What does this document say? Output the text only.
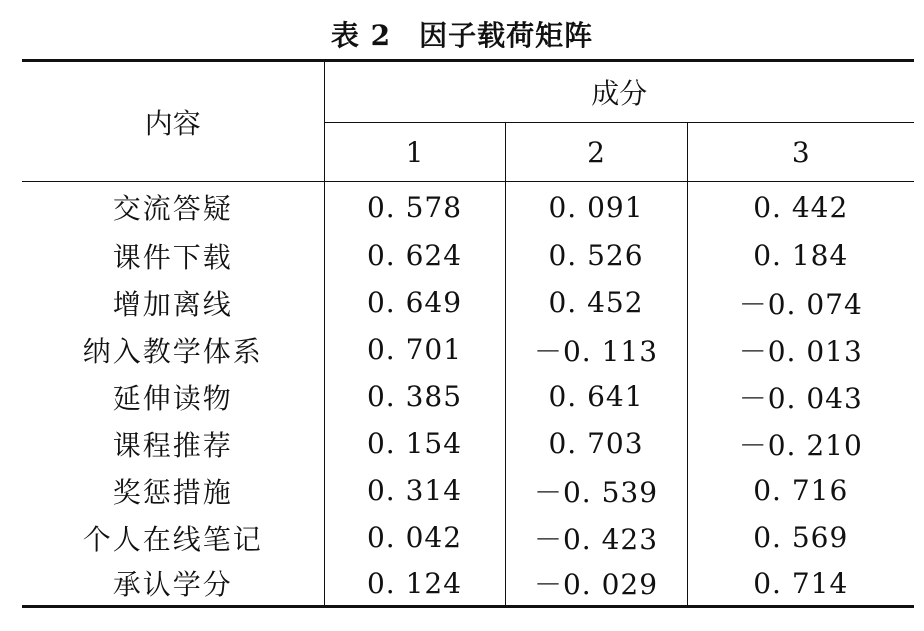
表 2 因子载荷矩阵
内容	成分		
	1	2	3
交流答疑	0. 578	0. 091	0. 442
课件下载	0. 624	0. 526	0. 184
增加离线	0. 649	0. 452	－0. 074
纳入教学体系	0. 701	－0. 113	－0. 013
延伸读物	0. 385	0. 641	－0. 043
课程推荐	0. 154	0. 703	－0. 210
奖惩措施	0. 314	－0. 539	0. 716
个人在线笔记	0. 042	－0. 423	0. 569
承认学分	0. 124	－0. 029	0. 714
